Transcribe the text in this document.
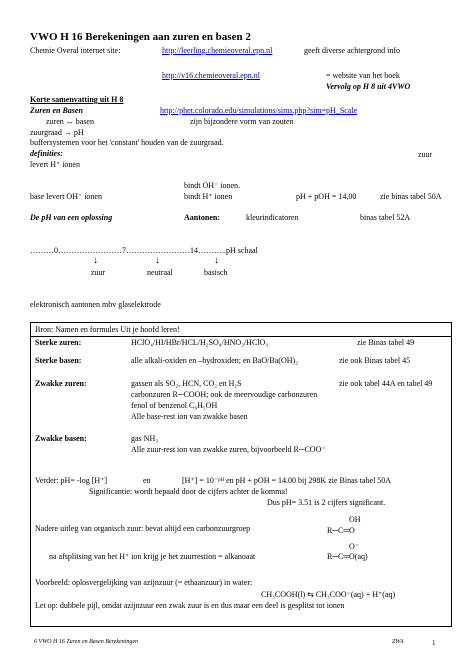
VWO H 16 Berekeningen aan zuren en basen 2
Chemie Overal internet site:	http://leerling.chemieoveral.epn.nl	geeft diverse achtergrond info
http://v16.chemieoveral.epn.nl	= website van het boek
Vervolg op H 8 uit 4VWO
Korte samenvatting uit H 8
Zuren en Basen	http://phet.colorado.edu/simulations/sims.php?sim=pH_Scale
zuren ↔ basen	zijn bijzondere vorm van zouten
zuurgraad → pH
buffersystemen voor het 'constant' houden van de zuurgraad.
definities:	zuur
levert H⁺ ionen
bindt OH⁻ ionen.
base levert OH⁻ ionen	bindt H⁺ ionen	pH + pOH = 14,00	zie binas tabel 50A
De pH van een oplossing	Aantonen:	kleurindicatoren	binas tabel 52A
………0……………………7……………………14………..pH schaal
↓	↓	↓
zuur	neutraal	basisch
elektronisch aantonen mbv glaselektrode
Bron: Namen en formules Uit je hoofd leren!
Sterke zuren:	HClO₄/HI/HBr/HCL/H₂SO₄/HNO₃/HClO₃	zie Binas tabel 49
Sterke basen:	alle alkali-oxiden en –hydroxiden; en BaO/Ba(OH)₂	zie ook Binas tabel 45
Zwakke zuren:	gassen als SO₂, HCN, CO₂ en H₂S	zie ook tabel 44A en tabel 49
carbonzuren R─COOH; ook de meervoudige carbonzuren
fenol of benzenol C₆H₅OH
Alle base-rest ion van zwakke basen
Zwakke basen:	gas NH₃
Alle zuur-rest ion van zwakke zuren, bijvoorbeeld R─COO⁻
Verder: pH= -log [H⁺]	en	[H⁺] = 10⁻ᵖᴴ en pH + pOH = 14.00 bij 298K zie Binas tabel 50A
Significantie: wordt bepaald door de cijfers achter de komma!
Dus pH= 3.51 is 2 cijfers significant.
Nadere uitleg van organisch zuur: bevat altijd een carbonzuurgroep
OH
R─C═O
na afsplitsing van het H⁺ ion krijg je het zuurrestion = alkanoaat
O⁻
R─C═O(aq)
Voorbeeld: oplosvergelijking van azijnzuur (= ethaanzuur) in water:
CH₃COOH(l) ⇆ CH₃COO⁻(aq) + H⁺(aq)
Let op: dubbele pijl, omdat azijnzuur een zwak zuur is en dus maar een deel is gesplitst tot ionen
6 VWO H 16 Zuren en Basen Berekeningen	ZWA	1
